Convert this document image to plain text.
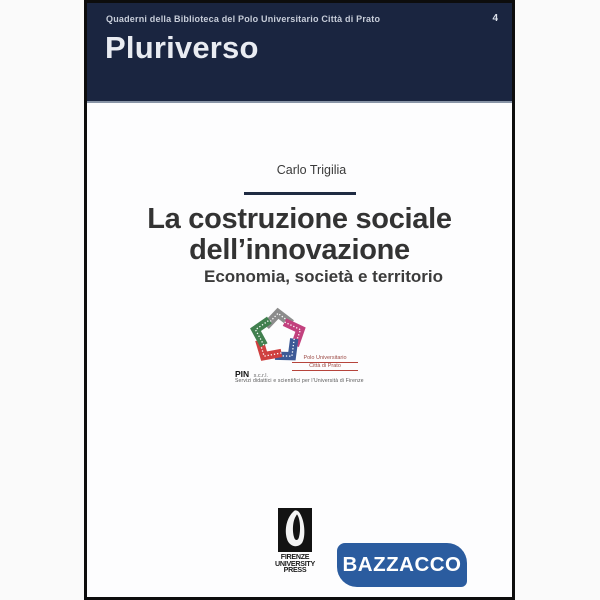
Quaderni della Biblioteca del Polo Universitario Città di Prato	4
Pluriverso
Carlo Trigilia
La costruzione sociale
dell’innovazione
Economia, società e territorio
Polo Universitario
Città di Prato
PIN s.c.r.l.
Servizi didattici e scientifici per l’Università di Firenze
FIRENZE
UNIVERSITY
PRESS	BAZZACCO
